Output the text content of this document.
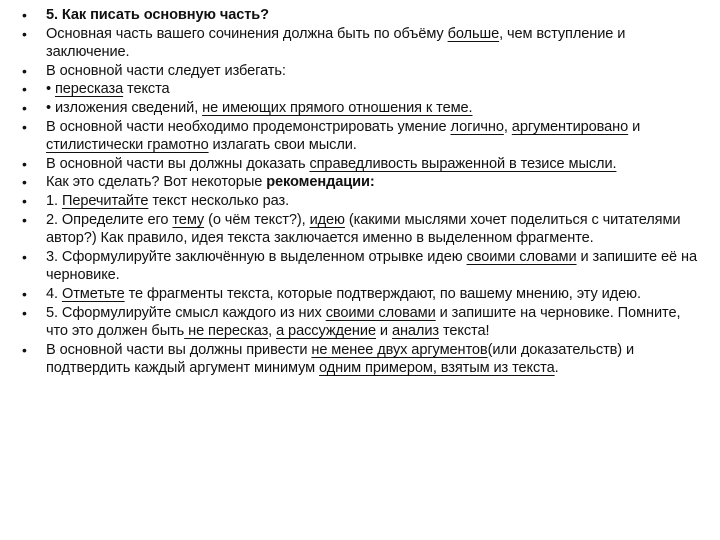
• 5. Как писать основную часть?
• Основная часть вашего сочинения должна быть по объёму больше, чем вступление и заключение.
• В основной части следует избегать:
• • пересказа текста
• • изложения сведений, не имеющих прямого отношения к теме.
• В основной части необходимо продемонстрировать умение логично, аргументировано и стилистически грамотно излагать свои мысли.
• В основной части вы должны доказать справедливость выраженной в тезисе мысли.
• Как это сделать? Вот некоторые рекомендации:
• 1. Перечитайте текст несколько раз.
• 2. Определите его тему (о чём текст?), идею (какими мыслями хочет поделиться с читателями автор?) Как правило, идея текста заключается именно в выделенном фрагменте.
• 3. Сформулируйте заключённую в выделенном отрывке идею своими словами и запишите её на черновике.
• 4. Отметьте те фрагменты текста, которые подтверждают, по вашему мнению, эту идею.
• 5. Сформулируйте смысл каждого из них своими словами и запишите на черновике. Помните, что это должен быть не пересказ, а рассуждение и анализ текста!
• В основной части вы должны привести не менее двух аргументов(или доказательств) и подтвердить каждый аргумент минимум одним примером, взятым из текста.
